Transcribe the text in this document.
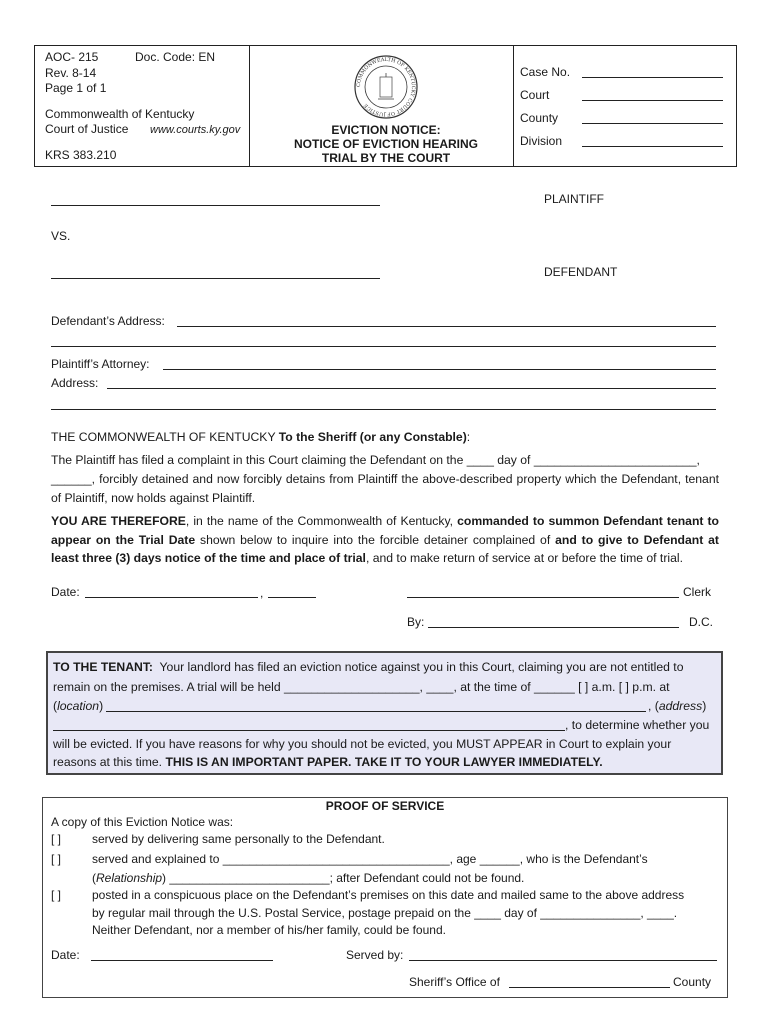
AOC- 215	Doc. Code: EN
Rev. 8-14
Page 1 of 1
Commonwealth of Kentucky
Court of Justice www.courts.ky.gov
KRS 383.210
COMMONWEALTH OF KENTUCKY COURT OF JUSTICE
EVICTION NOTICE:
NOTICE OF EVICTION HEARING
TRIAL BY THE COURT
Case No.
Court
County
Division
PLAINTIFF
VS.
DEFENDANT
Defendant’s Address:
Plaintiff’s Attorney:
Address:
THE COMMONWEALTH OF KENTUCKY To the Sheriff (or any Constable):
The Plaintiff has filed a complaint in this Court claiming the Defendant on the ____ day of ________________________,
______, forcibly detained and now forcibly detains from Plaintiff the above-described property which the Defendant, tenant of Plaintiff, now holds against Plaintiff.
YOU ARE THEREFORE, in the name of the Commonwealth of Kentucky, commanded to summon Defendant tenant to appear on the Trial Date shown below to inquire into the forcible detainer complained of and to give to Defendant at least three (3) days notice of the time and place of trial, and to make return of service at or before the time of trial.
Date:	,	Clerk
By:	D.C.
TO THE TENANT: Your landlord has filed an eviction notice against you in this Court, claiming you are not entitled to
remain on the premises. A trial will be held ____________________, ____, at the time of ______ [ ] a.m. [ ] p.m. at
(location)	, (address)
, to determine whether you
will be evicted. If you have reasons for why you should not be evicted, you MUST APPEAR in Court to explain your
reasons at this time. THIS IS AN IMPORTANT PAPER. TAKE IT TO YOUR LAWYER IMMEDIATELY.
PROOF OF SERVICE
A copy of this Eviction Notice was:
[ ]	served by delivering same personally to the Defendant.
[ ]	served and explained to __________________________________, age ______, who is the Defendant’s
(Relationship) ________________________; after Defendant could not be found.
[ ]	posted in a conspicuous place on the Defendant’s premises on this date and mailed same to the above address
by regular mail through the U.S. Postal Service, postage prepaid on the ____ day of _______________, ____.
Neither Defendant, nor a member of his/her family, could be found.
Date:	Served by:
Sheriff’s Office of	County
